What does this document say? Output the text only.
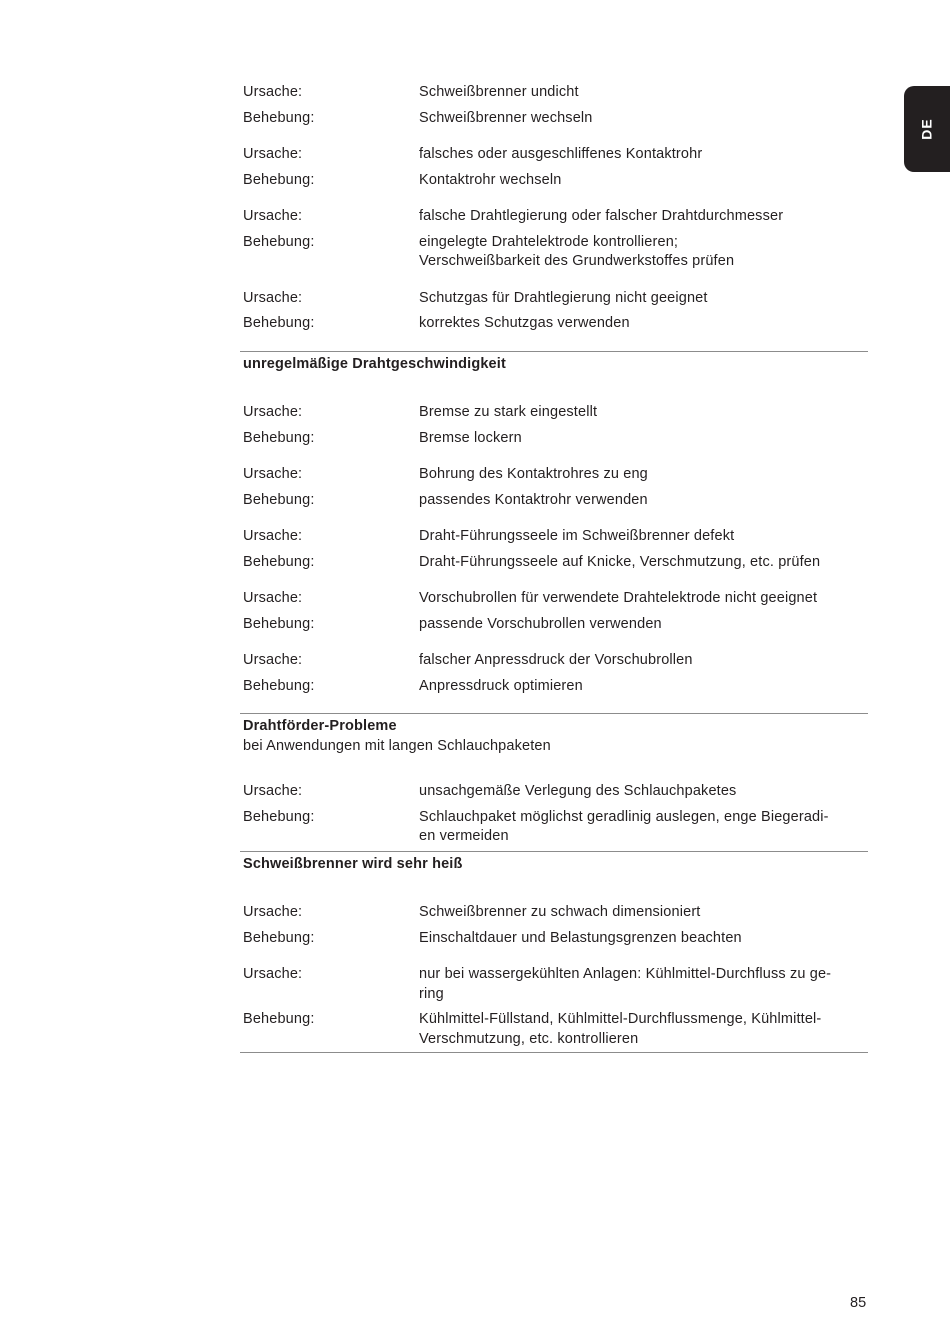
DE
Ursache:	Schweißbrenner undicht
Behebung:	Schweißbrenner wechseln
Ursache:	falsches oder ausgeschliffenes Kontaktrohr
Behebung:	Kontaktrohr wechseln
Ursache:	falsche Drahtlegierung oder falscher Drahtdurchmesser
Behebung:	eingelegte Drahtelektrode kontrollieren;
Verschweißbarkeit des Grundwerkstoffes prüfen
Ursache:	Schutzgas für Drahtlegierung nicht geeignet
Behebung:	korrektes Schutzgas verwenden
unregelmäßige Drahtgeschwindigkeit
Ursache:	Bremse zu stark eingestellt
Behebung:	Bremse lockern
Ursache:	Bohrung des Kontaktrohres zu eng
Behebung:	passendes Kontaktrohr verwenden
Ursache:	Draht-Führungsseele im Schweißbrenner defekt
Behebung:	Draht-Führungsseele auf Knicke, Verschmutzung, etc. prüfen
Ursache:	Vorschubrollen für verwendete Drahtelektrode nicht geeignet
Behebung:	passende Vorschubrollen verwenden
Ursache:	falscher Anpressdruck der Vorschubrollen
Behebung:	Anpressdruck optimieren
Drahtförder-Probleme
bei Anwendungen mit langen Schlauchpaketen
Ursache:	unsachgemäße Verlegung des Schlauchpaketes
Behebung:	Schlauchpaket möglichst geradlinig auslegen, enge Biegeradi-
en vermeiden
Schweißbrenner wird sehr heiß
Ursache:	Schweißbrenner zu schwach dimensioniert
Behebung:	Einschaltdauer und Belastungsgrenzen beachten
Ursache:	nur bei wassergekühlten Anlagen: Kühlmittel-Durchfluss zu ge-
ring
Behebung:	Kühlmittel-Füllstand, Kühlmittel-Durchflussmenge, Kühlmittel-
Verschmutzung, etc. kontrollieren
85
